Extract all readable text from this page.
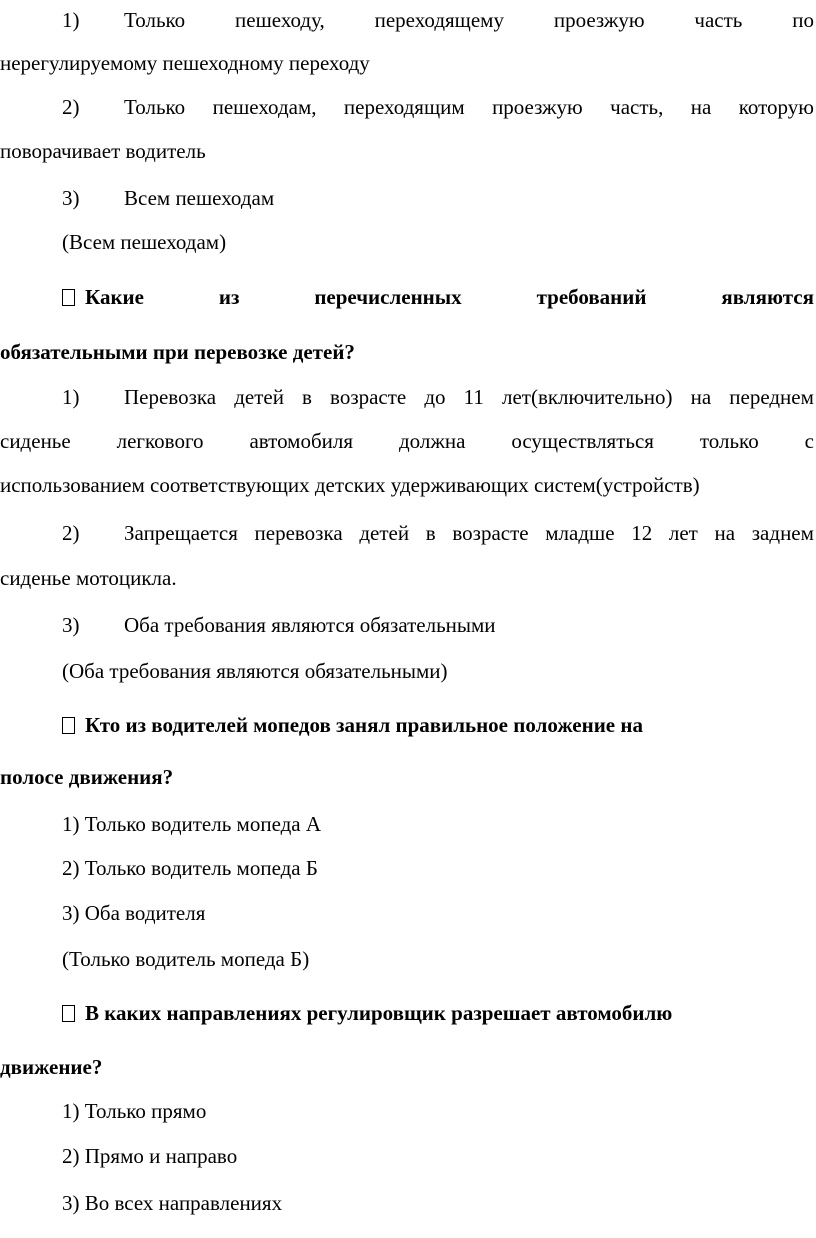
1) Только пешеходу, переходящему проезжую часть по
нерегулируемому пешеходному переходу
2) Только пешеходам, переходящим проезжую часть, на которую
поворачивает водитель
3) Всем пешеходам
(Всем пешеходам)
Какие	из	перечисленных	требований	являются
обязательными при перевозке детей?
1) Перевозка детей в возрасте до 11 лет(включительно) на переднем
сиденье легкового автомобиля должна осуществляться только с
использованием соответствующих детских удерживающих систем(устройств)
2) Запрещается перевозка детей в возрасте младше 12 лет на заднем
сиденье мотоцикла.
3) Оба требования являются обязательными
(Оба требования являются обязательными)
Кто из водителей мопедов занял правильное положение на
полосе движения?
1) Только водитель мопеда А
2) Только водитель мопеда Б
3) Оба водителя
(Только водитель мопеда Б)
В каких направлениях регулировщик разрешает автомобилю
движение?
1) Только прямо
2) Прямо и направо
3) Во всех направлениях
